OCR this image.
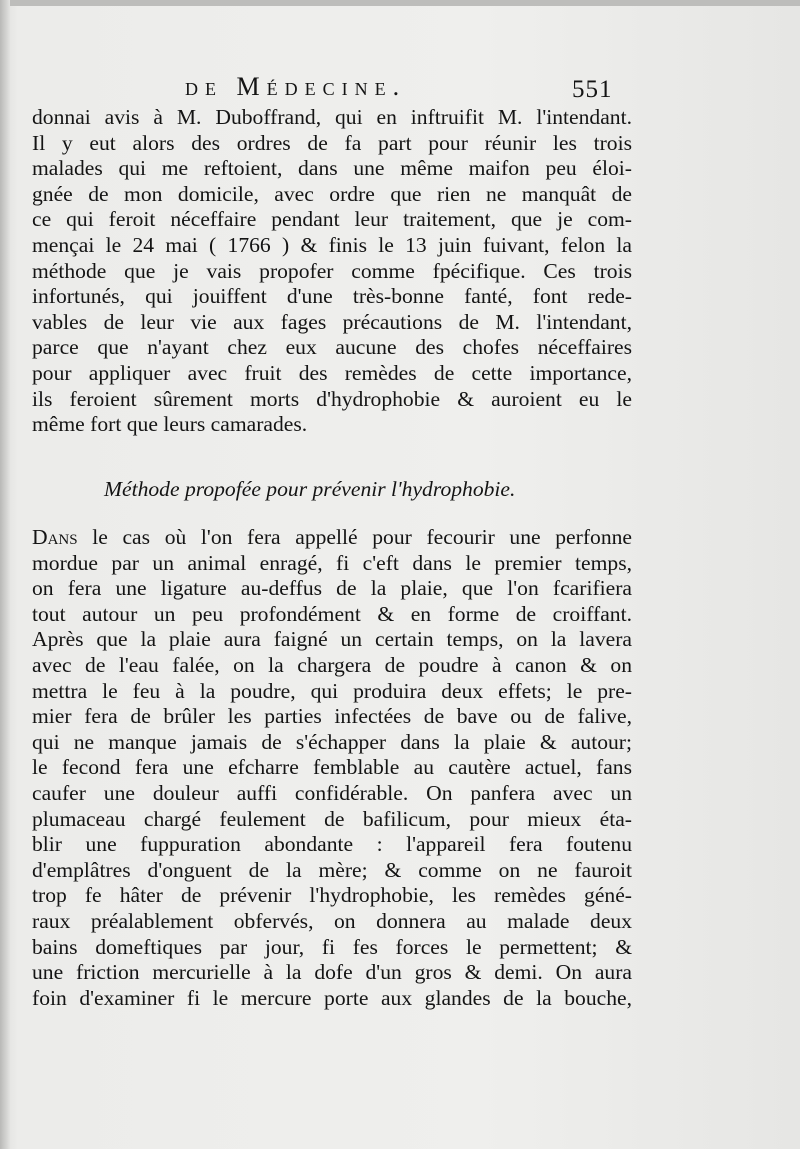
de Médecine.	551
donnai avis à M. Duboffrand, qui en inftruifit M. l'intendant.
Il y eut alors des ordres de fa part pour réunir les trois
malades qui me reftoient, dans une même maifon peu éloi-
gnée de mon domicile, avec ordre que rien ne manquât de
ce qui feroit néceffaire pendant leur traitement, que je com-
mençai le 24 mai ( 1766 ) & finis le 13 juin fuivant, felon la
méthode que je vais propofer comme fpécifique. Ces trois
infortunés, qui jouiffent d'une très-bonne fanté, font rede-
vables de leur vie aux fages précautions de M. l'intendant,
parce que n'ayant chez eux aucune des chofes néceffaires
pour appliquer avec fruit des remèdes de cette importance,
ils feroient sûrement morts d'hydrophobie & auroient eu le
même fort que leurs camarades.
Méthode propofée pour prévenir l'hydrophobie.
Dans le cas où l'on fera appellé pour fecourir une perfonne
mordue par un animal enragé, fi c'eft dans le premier temps,
on fera une ligature au-deffus de la plaie, que l'on fcarifiera
tout autour un peu profondément & en forme de croiffant.
Après que la plaie aura faigné un certain temps, on la lavera
avec de l'eau falée, on la chargera de poudre à canon & on
mettra le feu à la poudre, qui produira deux effets; le pre-
mier fera de brûler les parties infectées de bave ou de falive,
qui ne manque jamais de s'échapper dans la plaie & autour;
le fecond fera une efcharre femblable au cautère actuel, fans
caufer une douleur auffi confidérable. On panfera avec un
plumaceau chargé feulement de bafilicum, pour mieux éta-
blir une fuppuration abondante : l'appareil fera foutenu
d'emplâtres d'onguent de la mère; & comme on ne fauroit
trop fe hâter de prévenir l'hydrophobie, les remèdes géné-
raux préalablement obfervés, on donnera au malade deux
bains domeftiques par jour, fi fes forces le permettent; &
une friction mercurielle à la dofe d'un gros & demi. On aura
foin d'examiner fi le mercure porte aux glandes de la bouche,
